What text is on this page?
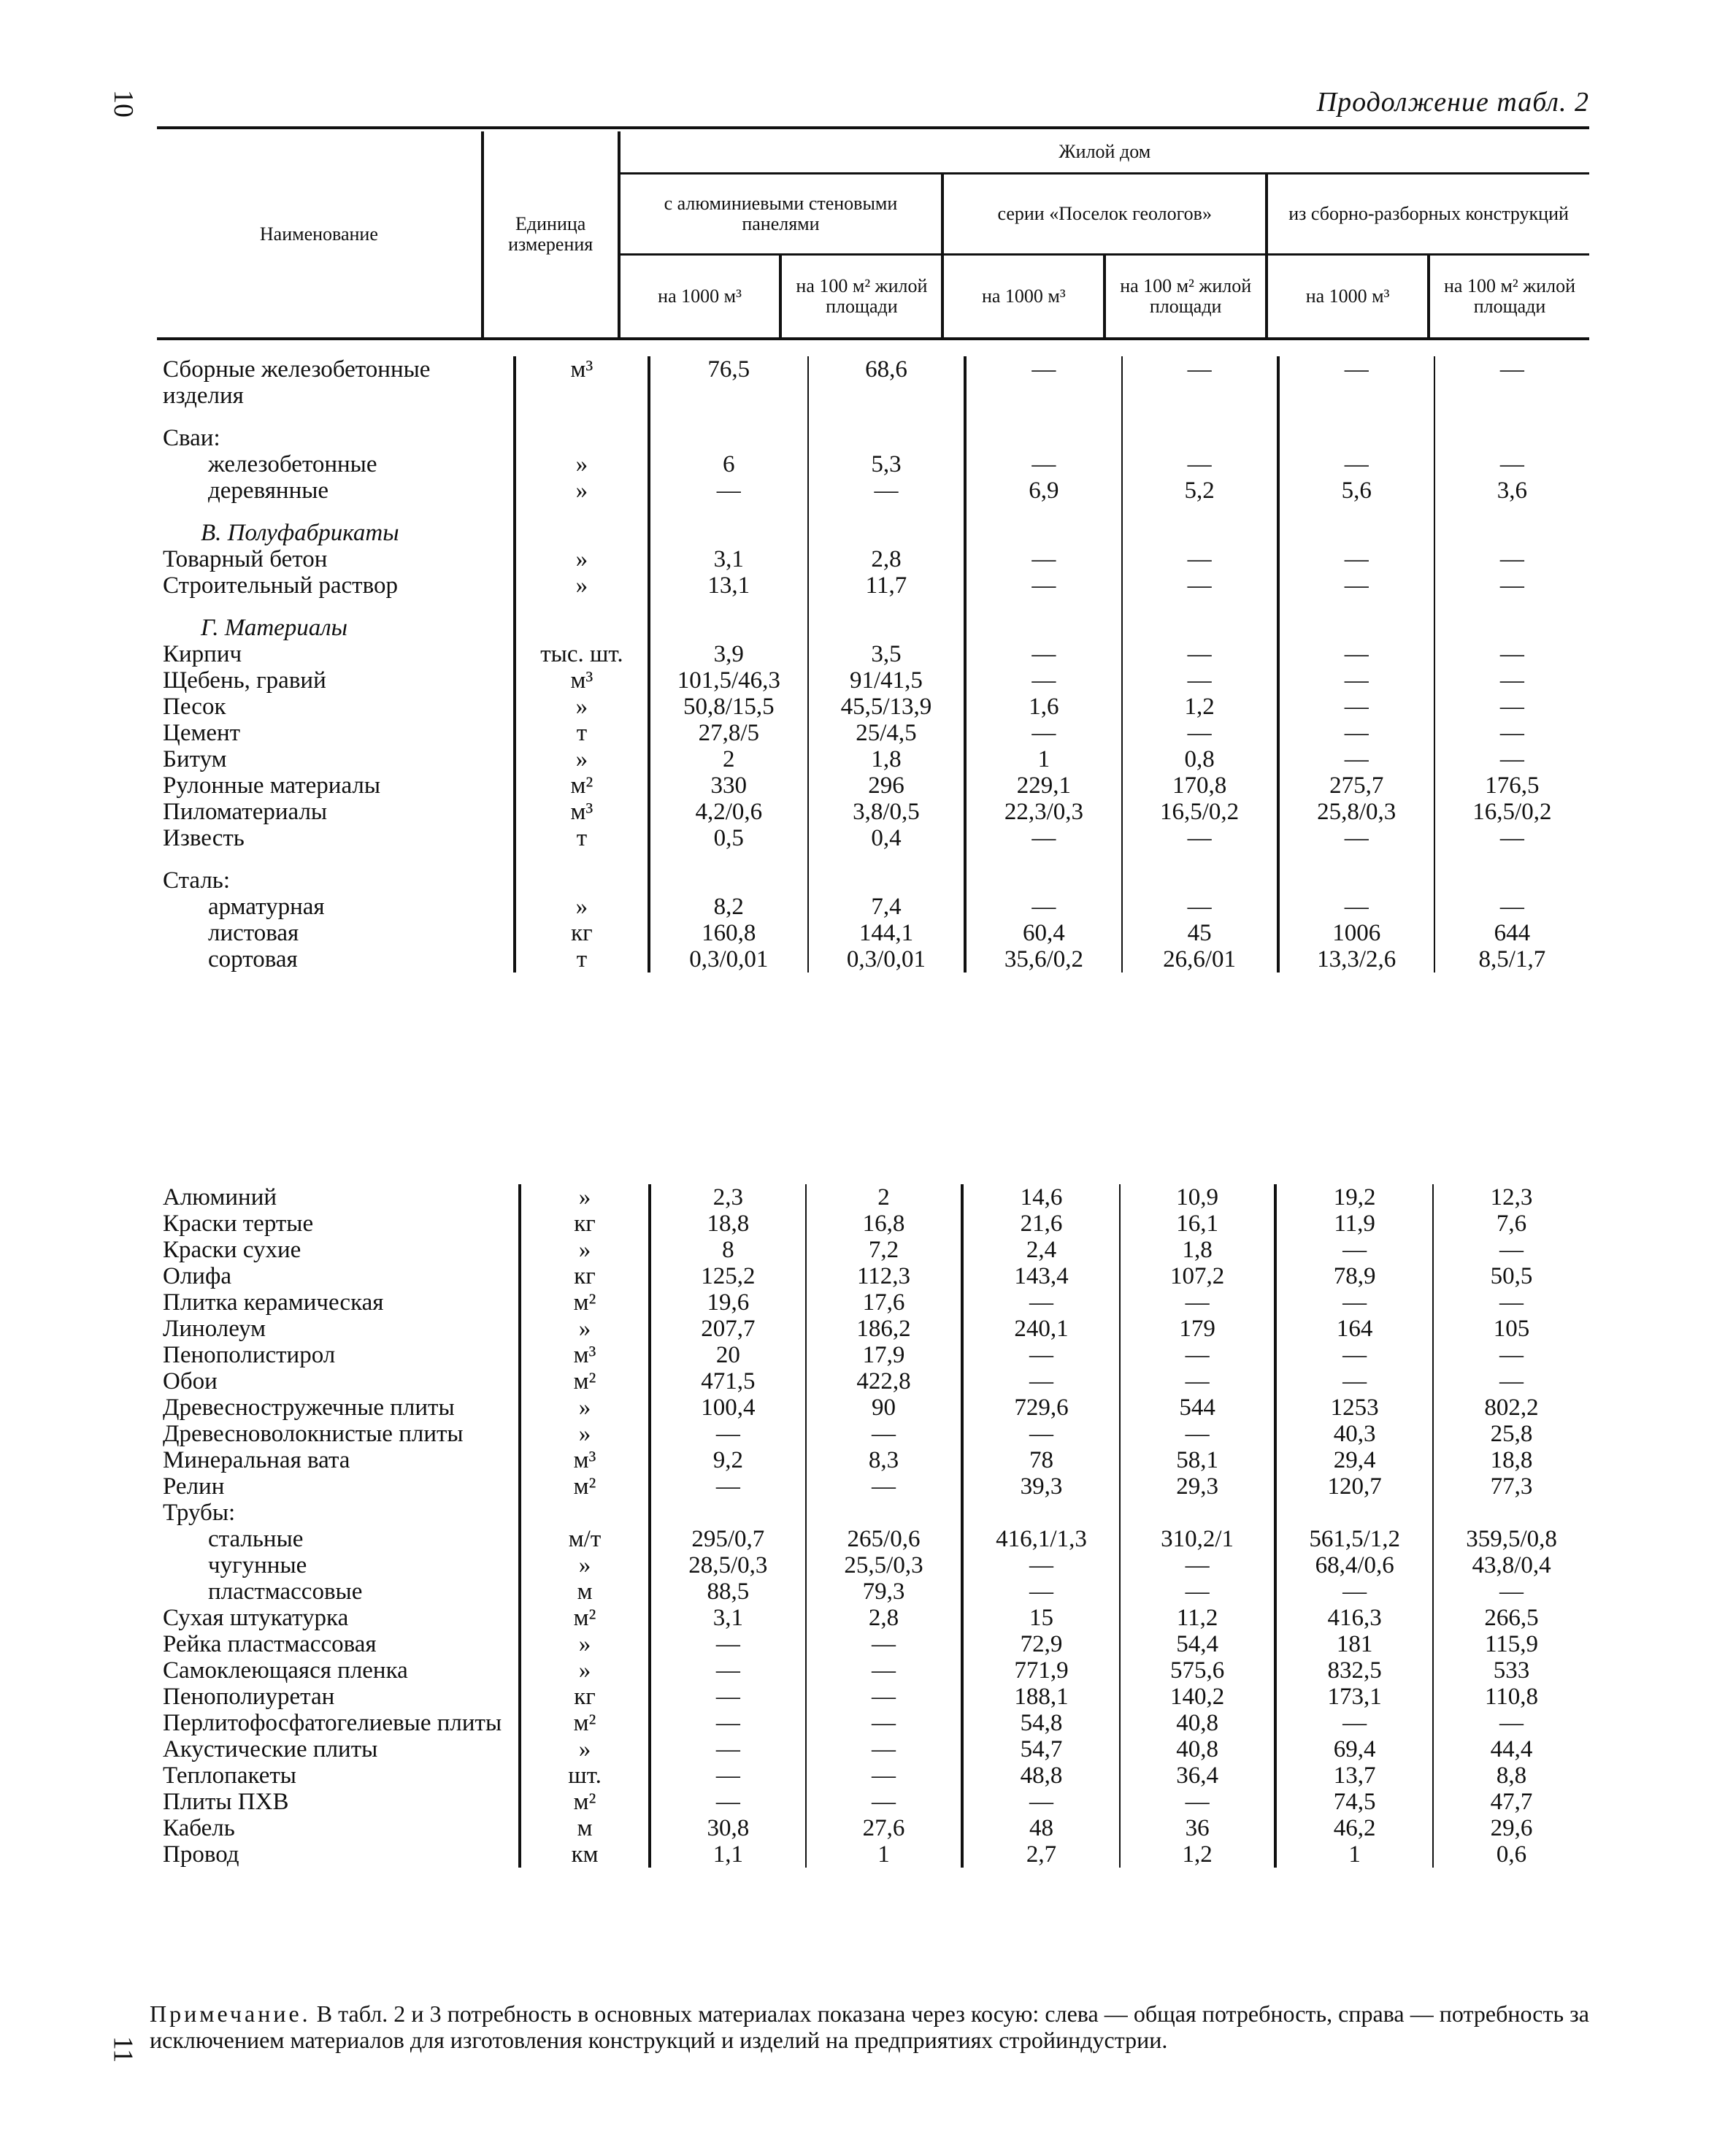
10	Продолжение табл. 2
Наименование	Единица измерения	Жилой дом					
		с алюминиевыми стеновыми панелями		серии «Поселок геологов»		из сборно-разборных конструкций	
		на 1000 м³	на 100 м² жилой площади	на 1000 м³	на 100 м² жилой площади	на 1000 м³	на 100 м² жилой площади
Сборные железобетонные изделия	м³	76,5	68,6	—	—	—	—

Сваи:							
железобетонные	»	6	5,3	—	—	—	—
деревянные	»	—	—	6,9	5,2	5,6	3,6

В. Полуфабрикаты							
Товарный бетон	»	3,1	2,8	—	—	—	—
Строительный раствор	»	13,1	11,7	—	—	—	—

Г. Материалы							
Кирпич	тыс. шт.	3,9	3,5	—	—	—	—
Щебень, гравий	м³	101,5/46,3	91/41,5	—	—	—	—
Песок	»	50,8/15,5	45,5/13,9	1,6	1,2	—	—
Цемент	т	27,8/5	25/4,5	—	—	—	—
Битум	»	2	1,8	1	0,8	—	—
Рулонные материалы	м²	330	296	229,1	170,8	275,7	176,5
Пиломатериалы	м³	4,2/0,6	3,8/0,5	22,3/0,3	16,5/0,2	25,8/0,3	16,5/0,2
Известь	т	0,5	0,4	—	—	—	—

Сталь:							
арматурная	»	8,2	7,4	—	—	—	—
листовая	кг	160,8	144,1	60,4	45	1006	644
сортовая	т	0,3/0,01	0,3/0,01	35,6/0,2	26,6/01	13,3/2,6	8,5/1,7
Алюминий	»	2,3	2	14,6	10,9	19,2	12,3
Краски тертые	кг	18,8	16,8	21,6	16,1	11,9	7,6
Краски сухие	»	8	7,2	2,4	1,8	—	—
Олифа	кг	125,2	112,3	143,4	107,2	78,9	50,5
Плитка керамическая	м²	19,6	17,6	—	—	—	—
Линолеум	»	207,7	186,2	240,1	179	164	105
Пенополистирол	м³	20	17,9	—	—	—	—
Обои	м²	471,5	422,8	—	—	—	—
Древесностружечные плиты	»	100,4	90	729,6	544	1253	802,2
Древесноволокнистые плиты	»	—	—	—	—	40,3	25,8
Минеральная вата	м³	9,2	8,3	78	58,1	29,4	18,8
Релин	м²	—	—	39,3	29,3	120,7	77,3
Трубы:							
стальные	м/т	295/0,7	265/0,6	416,1/1,3	310,2/1	561,5/1,2	359,5/0,8
чугунные	»	28,5/0,3	25,5/0,3	—	—	68,4/0,6	43,8/0,4
пластмассовые	м	88,5	79,3	—	—	—	—
Сухая штукатурка	м²	3,1	2,8	15	11,2	416,3	266,5
Рейка пластмассовая	»	—	—	72,9	54,4	181	115,9
Самоклеющаяся пленка	»	—	—	771,9	575,6	832,5	533
Пенополиуретан	кг	—	—	188,1	140,2	173,1	110,8
Перлитофосфатогелиевые плиты	м²	—	—	54,8	40,8	—	—
Акустические плиты	»	—	—	54,7	40,8	69,4	44,4
Теплопакеты	шт.	—	—	48,8	36,4	13,7	8,8
Плиты ПХВ	м²	—	—	—	—	74,5	47,7
Кабель	м	30,8	27,6	48	36	46,2	29,6
Провод	км	1,1	1	2,7	1,2	1	0,6
Примечание. В табл. 2 и 3 потребность в основных материалах показана через косую: слева — общая потребность, справа — потребность за исключением материалов для изготовления конструкций и изделий на предприятиях стройиндустрии.
11
